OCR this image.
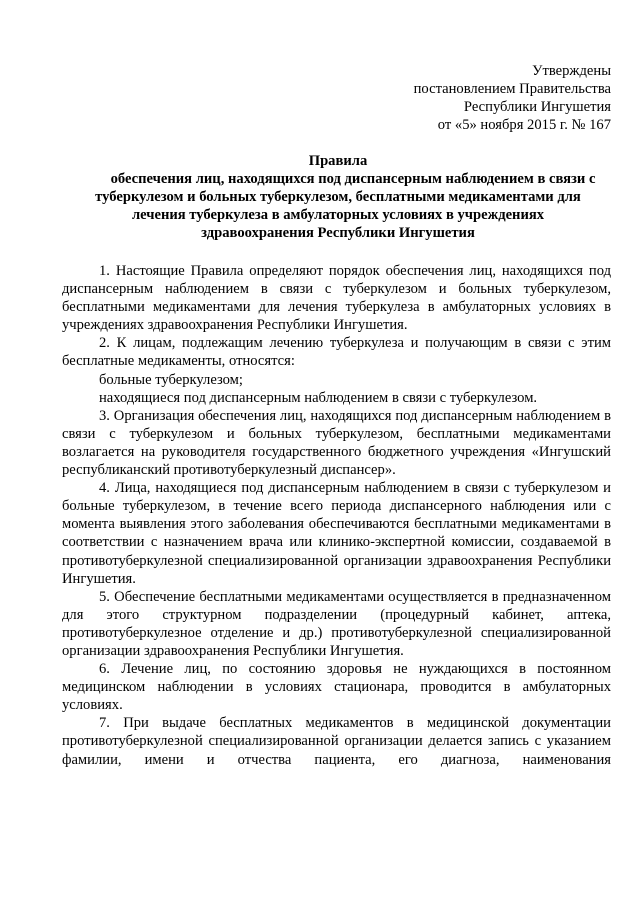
Утверждены
постановлением Правительства
Республики Ингушетия
от «5» ноября 2015 г. № 167
Правила
обеспечения лиц, находящихся под диспансерным наблюдением в связи с
туберкулезом и больных туберкулезом, бесплатными медикаментами для
лечения туберкулеза в амбулаторных условиях в учреждениях
здравоохранения Республики Ингушетия

1. Настоящие Правила определяют порядок обеспечения лиц, находящихся под диспансерным наблюдением в связи с туберкулезом и больных туберкулезом, бесплатными медикаментами для лечения туберкулеза в амбулаторных условиях в учреждениях здравоохранения Республики Ингушетия.

2. К лицам, подлежащим лечению туберкулеза и получающим в связи с этим бесплатные медикаменты, относятся:

больные туберкулезом;

находящиеся под диспансерным наблюдением в связи с туберкулезом.

3. Организация обеспечения лиц, находящихся под диспансерным наблюдением в связи с туберкулезом и больных туберкулезом, бесплатными медикаментами возлагается на руководителя государственного бюджетного учреждения «Ингушский республиканский противотуберкулезный диспансер».

4. Лица, находящиеся под диспансерным наблюдением в связи с туберкулезом и больные туберкулезом, в течение всего периода диспансерного наблюдения или с момента выявления этого заболевания обеспечиваются бесплатными медикаментами в соответствии с назначением врача или клинико-экспертной комиссии, создаваемой в противотуберкулезной специализированной организации здравоохранения Республики Ингушетия.

5. Обеспечение бесплатными медикаментами осуществляется в предназначенном для этого структурном подразделении (процедурный кабинет, аптека, противотуберкулезное отделение и др.) противотуберкулезной специализированной организации здравоохранения Республики Ингушетия.

6. Лечение лиц, по состоянию здоровья не нуждающихся в постоянном медицинском наблюдении в условиях стационара, проводится в амбулаторных условиях.

7. При выдаче бесплатных медикаментов в медицинской документации противотуберкулезной специализированной организации делается запись с указанием фамилии, имени и отчества пациента, его диагноза, наименования
